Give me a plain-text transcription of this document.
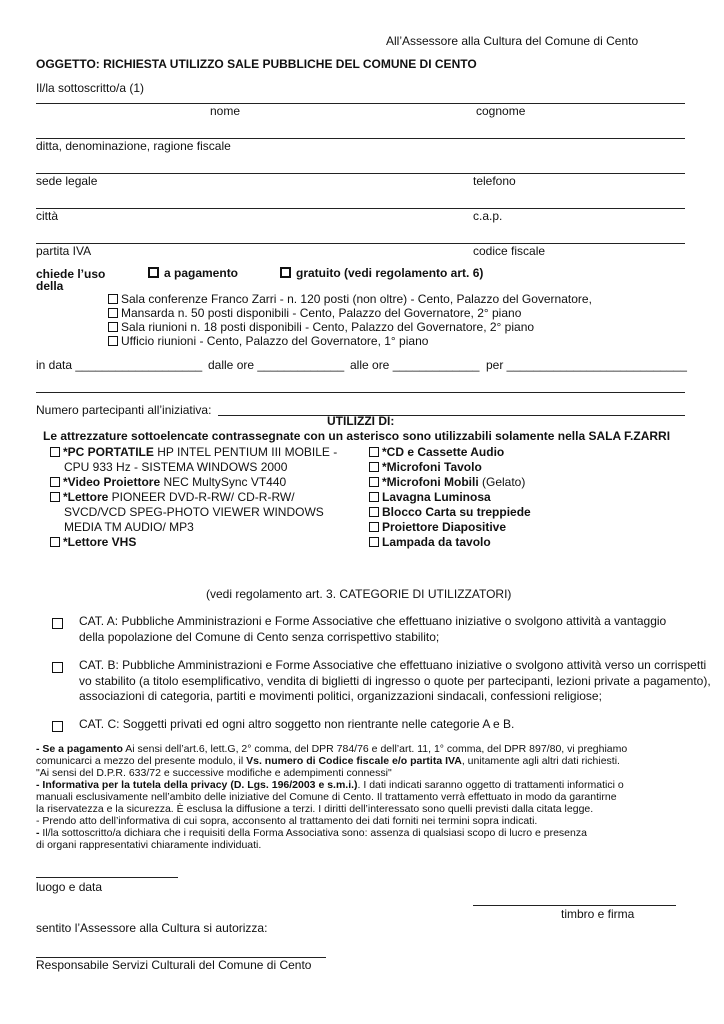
All’Assessore alla Cultura del Comune di Cento
OGGETTO: RICHIESTA UTILIZZO SALE PUBBLICHE DEL COMUNE DI CENTO
Il/la sottoscritto/a (1)
nome	cognome
ditta, denominazione, ragione fiscale
sede legale	telefono
città	c.a.p.
partita IVA	codice fiscale
chiede l’uso
della
a pagamento	gratuito (vedi regolamento art. 6)
Sala conferenze Franco Zarri - n. 120 posti (non oltre) - Cento, Palazzo del Governatore,
Mansarda n. 50 posti disponibili - Cento, Palazzo del Governatore, 2° piano
Sala riunioni n. 18 posti disponibili - Cento, Palazzo del Governatore, 2° piano
Ufficio riunioni - Cento, Palazzo del Governatore, 1° piano
in data ___________________ dalle ore _____________ alle ore _____________ per ___________________________
Numero partecipanti all’iniziativa:
UTILIZZI DI:
Le attrezzature sottoelencate contrassegnate con un asterisco sono utilizzabili solamente nella SALA F.ZARRI
*PC PORTATILE HP INTEL PENTIUM III MOBILE -
CPU 933 Hz - SISTEMA WINDOWS 2000
*Video Proiettore NEC MultySync VT440
*Lettore PIONEER DVD-R-RW/ CD-R-RW/
SVCD/VCD SPEG-PHOTO VIEWER WINDOWS
MEDIA TM AUDIO/ MP3
*Lettore VHS
*CD e Cassette Audio
*Microfoni Tavolo
*Microfoni Mobili (Gelato)
Lavagna Luminosa
Blocco Carta su treppiede
Proiettore Diapositive
Lampada da tavolo
(vedi regolamento art. 3. CATEGORIE DI UTILIZZATORI)
CAT. A: Pubbliche Amministrazioni e Forme Associative che effettuano iniziative o svolgono attività a vantaggio
della popolazione del Comune di Cento senza corrispettivo stabilito;
CAT. B: Pubbliche Amministrazioni e Forme Associative che effettuano iniziative o svolgono attività verso un corrispetti
vo stabilito (a titolo esemplificativo, vendita di biglietti di ingresso o quote per partecipanti, lezioni private a pagamento),
associazioni di categoria, partiti e movimenti politici, organizzazioni sindacali, confessioni religiose;
CAT. C: Soggetti privati ed ogni altro soggetto non rientrante nelle categorie A e B.
- Se a pagamento Ai sensi dell’art.6, lett.G, 2° comma, del DPR 784/76 e dell’art. 11, 1° comma, del DPR 897/80, vi preghiamo
comunicarci a mezzo del presente modulo, il Vs. numero di Codice fiscale e/o partita IVA, unitamente agli altri dati richiesti.
"Ai sensi del D.P.R. 633/72 e successive modifiche e adempimenti connessi"
- Informativa per la tutela della privacy (D. Lgs. 196/2003 e s.m.i.). I dati indicati saranno oggetto di trattamenti informatici o
manuali esclusivamente nell’ambito delle iniziative del Comune di Cento. Il trattamento verrà effettuato in modo da garantirne
la riservatezza e la sicurezza. È esclusa la diffusione a terzi. I diritti dell’interessato sono quelli previsti dalla citata legge.
- Prendo atto dell’informativa di cui sopra, acconsento al trattamento dei dati forniti nei termini sopra indicati.
- Il/la sottoscritto/a dichiara che i requisiti della Forma Associativa sono: assenza di qualsiasi scopo di lucro e presenza
di organi rappresentativi chiaramente individuati.
luogo e data
timbro e firma
sentito l’Assessore alla Cultura si autorizza:
Responsabile Servizi Culturali del Comune di Cento
